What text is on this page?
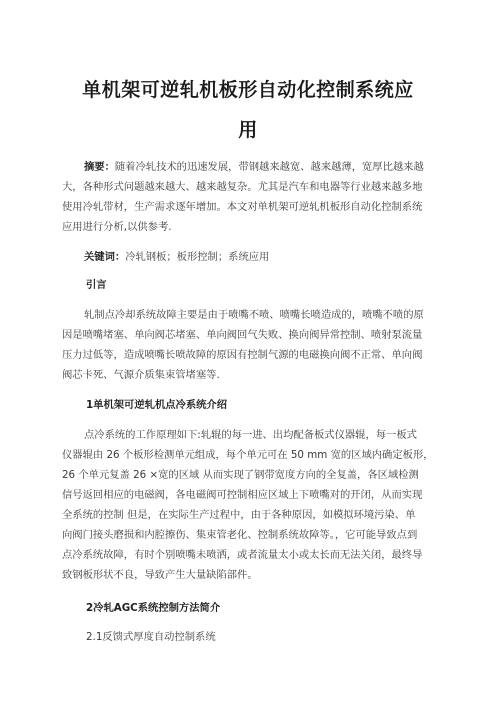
单机架可逆轧机板形自动化控制系统应
用
摘要：随着冷轧技术的迅速发展，带钢越来越宽、越来越薄，宽厚比越来越
大，各种形式问题越来越大、越来越复杂。尤其是汽车和电器等行业越来越多地
使用冷轧带材，生产需求逐年增加。本文对单机架可逆轧机板形自动化控制系统
应用进行分析,以供参考.
关键词：冷轧钢板；板形控制；系统应用
引言
轧制点冷却系统故障主要是由于喷嘴不喷、喷嘴长喷造成的，喷嘴不喷的原
因是喷嘴堵塞、单向阀芯堵塞、单向阀回气失败、换向阀异常控制、喷射泵流量
压力过低等，造成喷嘴长喷故障的原因有控制气源的电磁换向阀不正常、单向阀
阀芯卡死、气源介质集束管堵塞等.
1单机架可逆轧机点冷系统介绍
点冷系统的工作原理如下:轧辊的每一进、出均配备板式仪器辊，每一板式
仪器辊由 26 个板形检测单元组成，每个单元可在 50 mm 宽的区域内确定板形，
26 个单元复盖 26 ×宽的区域 从而实现了钢带宽度方向的全复盖，各区域检测
信号返回相应的电磁阀，各电磁阀可控制相应区域上下喷嘴对的开闭，从而实现
全系统的控制 但是，在实际生产过程中，由于各种原因，如模拟环境污染、单
向阀门接头磨损和内腔擦伤、集束管老化、控制系统故障等。，它可能导致点到
点冷系统故障，有时个别喷嘴未喷洒，或者流量太小或太长而无法关闭，最终导
致钢板形状不良，导致产生大量缺陷部件。
2冷轧AGC系统控制方法简介
2.1反馈式厚度自动控制系统
